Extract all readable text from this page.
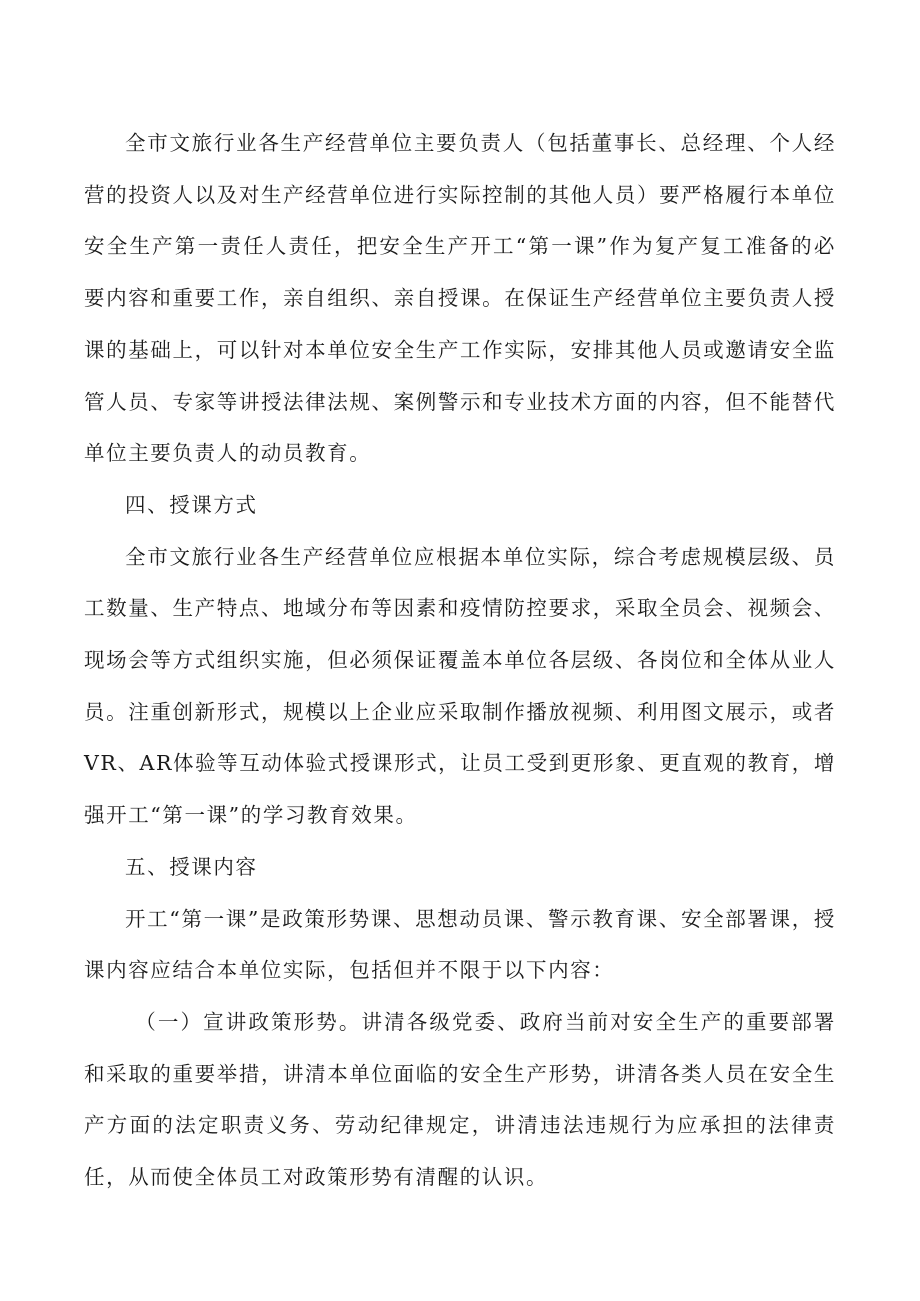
全市文旅行业各生产经营单位主要负责人（包括董事长、总经理、个人经营的投资人以及对生产经营单位进行实际控制的其他人员）要严格履行本单位安全生产第一责任人责任，把安全生产开工“第一课”作为复产复工准备的必要内容和重要工作，亲自组织、亲自授课。在保证生产经营单位主要负责人授课的基础上，可以针对本单位安全生产工作实际，安排其他人员或邀请安全监管人员、专家等讲授法律法规、案例警示和专业技术方面的内容，但不能替代单位主要负责人的动员教育。

四、授课方式

全市文旅行业各生产经营单位应根据本单位实际，综合考虑规模层级、员工数量、生产特点、地域分布等因素和疫情防控要求，采取全员会、视频会、现场会等方式组织实施，但必须保证覆盖本单位各层级、各岗位和全体从业人员。注重创新形式，规模以上企业应采取制作播放视频、利用图文展示，或者VR、AR体验等互动体验式授课形式，让员工受到更形象、更直观的教育，增强开工“第一课”的学习教育效果。

五、授课内容

开工“第一课”是政策形势课、思想动员课、警示教育课、安全部署课，授课内容应结合本单位实际，包括但并不限于以下内容：

（一）宣讲政策形势。讲清各级党委、政府当前对安全生产的重要部署和采取的重要举措，讲清本单位面临的安全生产形势，讲清各类人员在安全生产方面的法定职责义务、劳动纪律规定，讲清违法违规行为应承担的法律责任，从而使全体员工对政策形势有清醒的认识。
